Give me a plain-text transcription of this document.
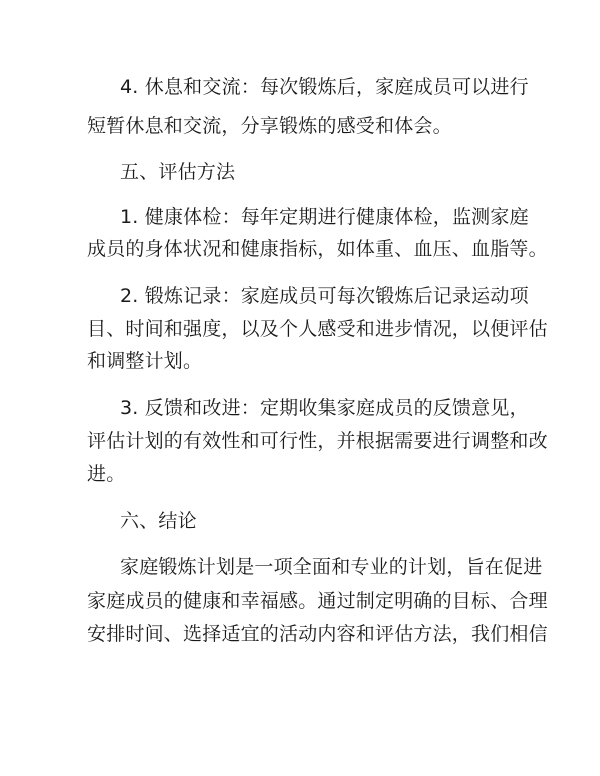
4. 休息和交流：每次锻炼后，家庭成员可以进行
短暂休息和交流，分享锻炼的感受和体会。
五、评估方法
1. 健康体检：每年定期进行健康体检，监测家庭
成员的身体状况和健康指标，如体重、血压、血脂等。
2. 锻炼记录：家庭成员可每次锻炼后记录运动项
目、时间和强度，以及个人感受和进步情况，以便评估
和调整计划。
3. 反馈和改进：定期收集家庭成员的反馈意见，
评估计划的有效性和可行性，并根据需要进行调整和改
进。
六、结论
家庭锻炼计划是一项全面和专业的计划，旨在促进
家庭成员的健康和幸福感。通过制定明确的目标、合理
安排时间、选择适宜的活动内容和评估方法，我们相信
